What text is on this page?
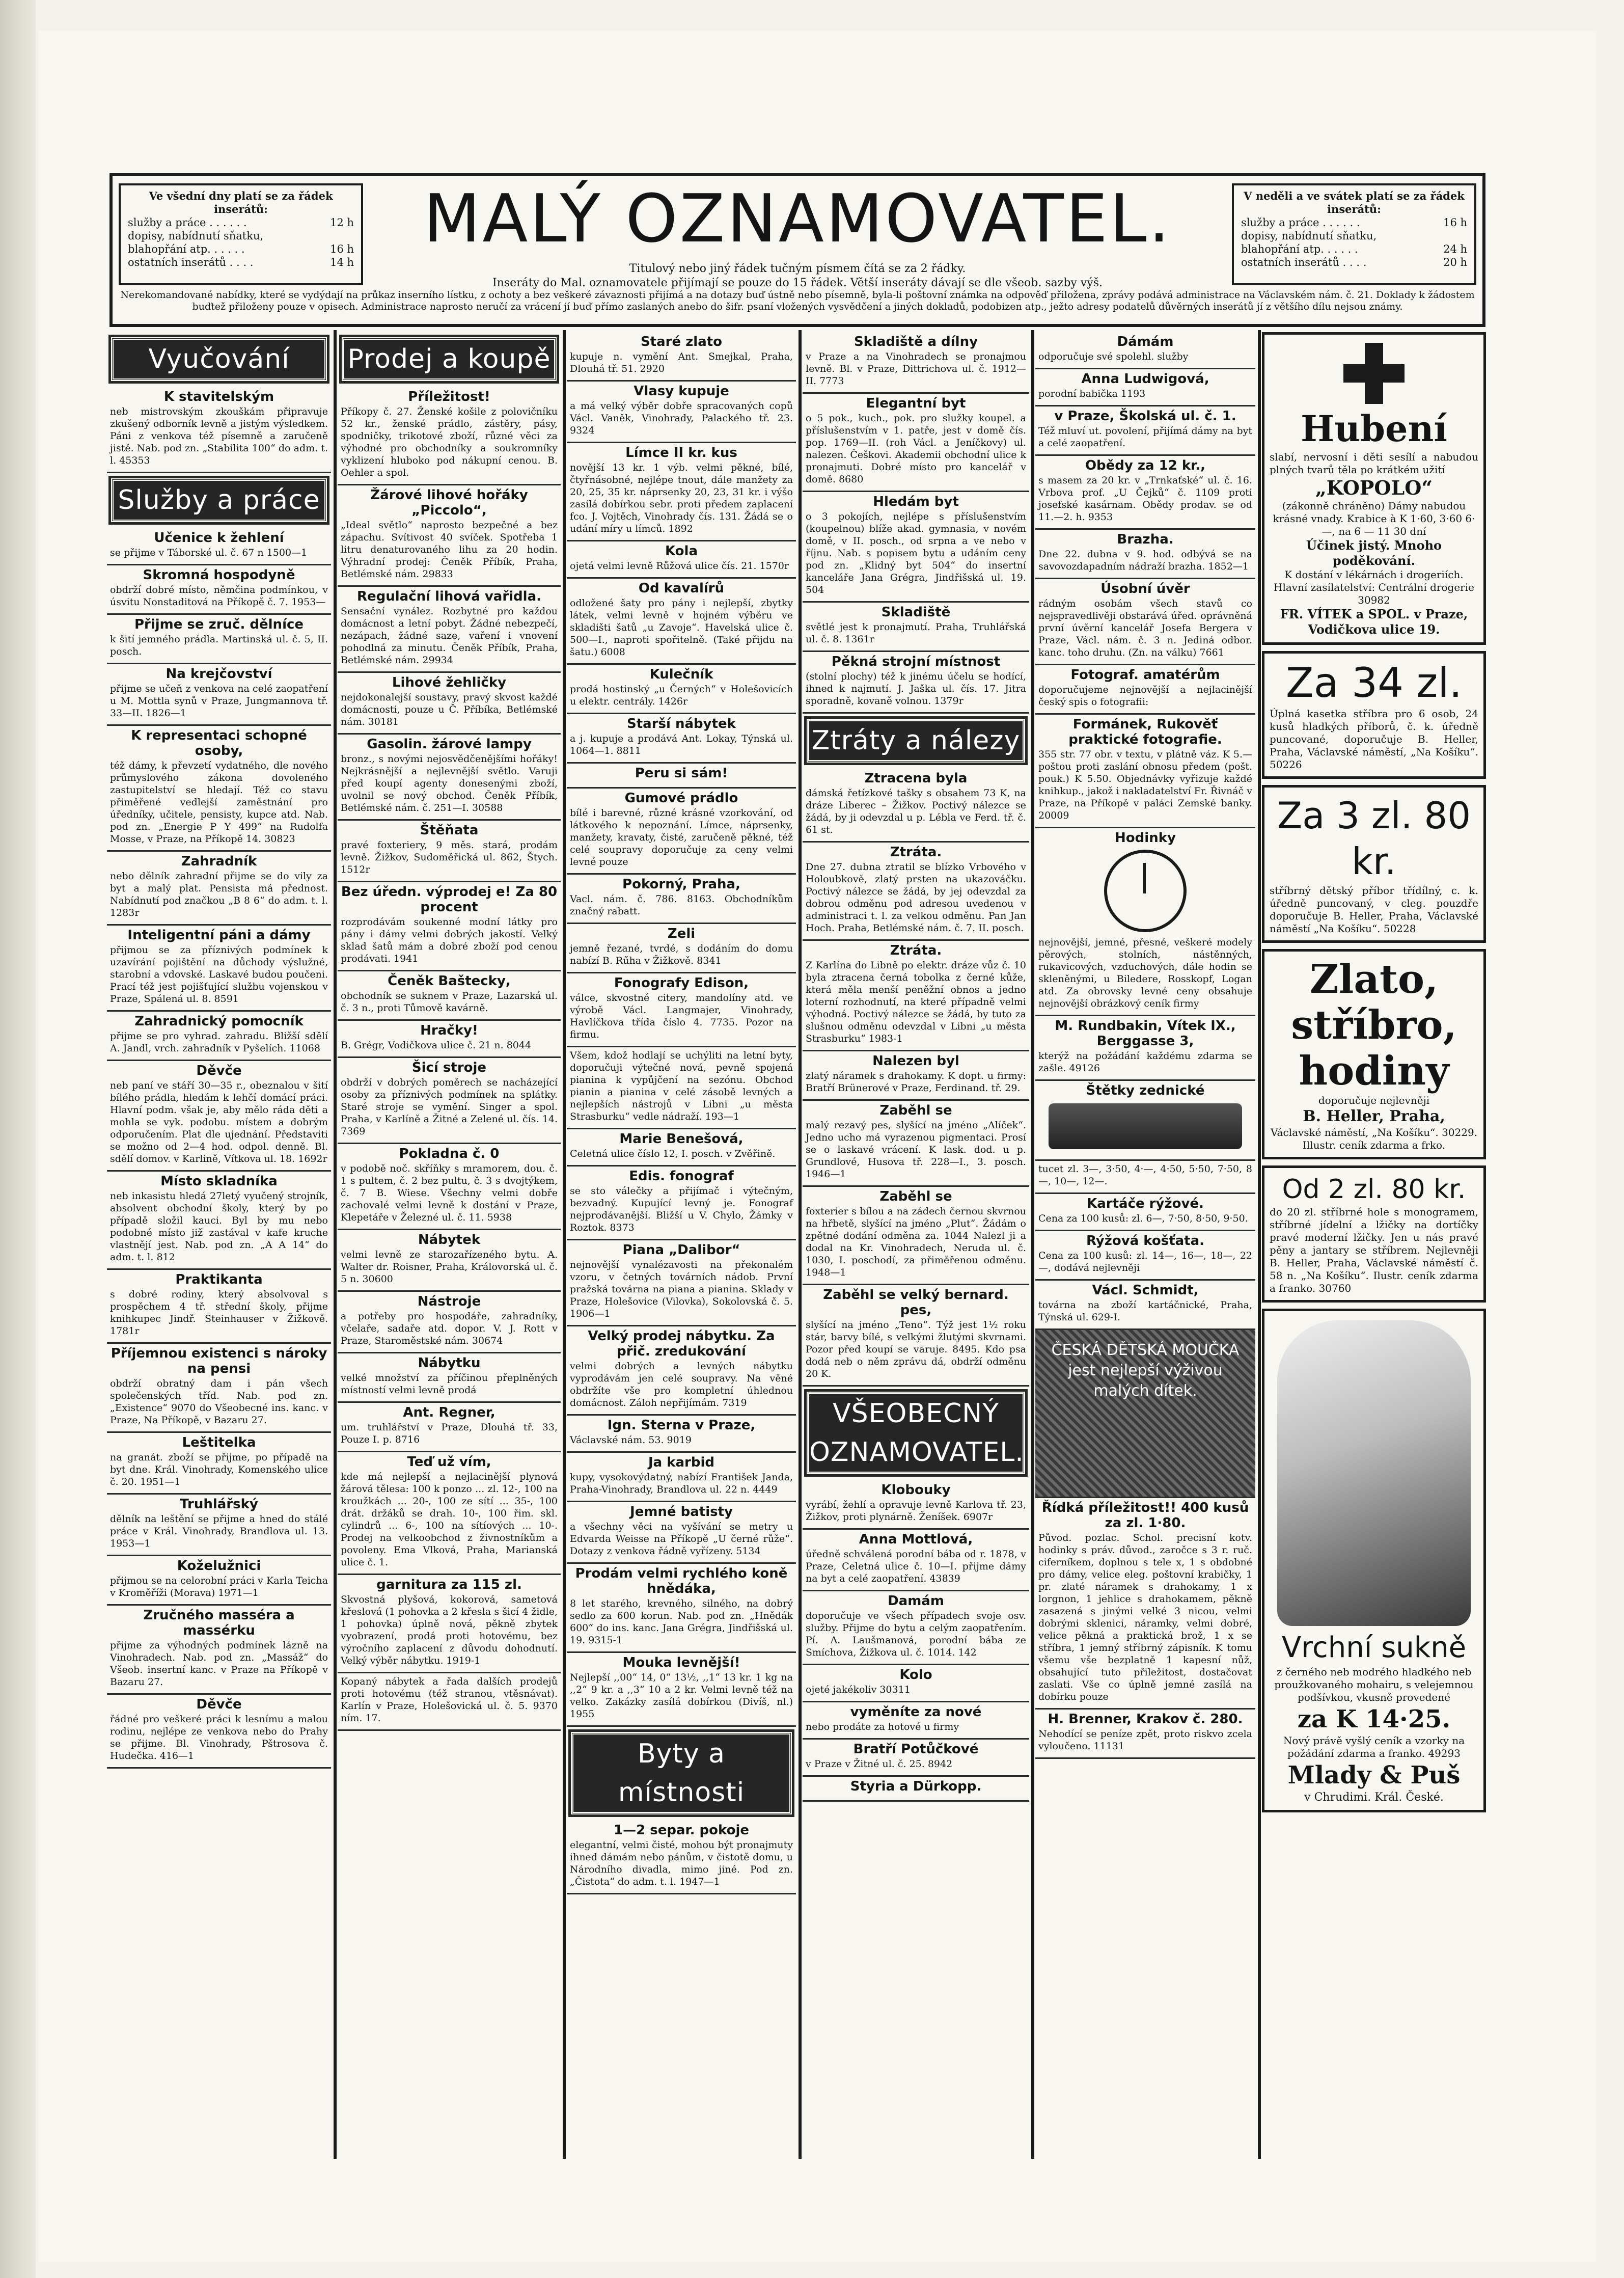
Ve všední dny platí se za řádek inserátů:
služby a práce . . . . . .	12 h
dopisy, nabídnutí sňatku,
blahopřání atp. . . . . .	16 h
ostatních inserátů . . . .	14 h
MALÝ OZNAMOVATEL.
Titulový nebo jiný řádek tučným písmem čítá se za 2 řádky.
Inseráty do Mal. oznamovatele přijímají se pouze do 15 řádek. Větší inseráty dávají se dle všeob. sazby výš.
V neděli a ve svátek platí se za řádek inserátů:
služby a práce . . . . . .	16 h
dopisy, nabídnutí sňatku,
blahopřání atp. . . . . .	24 h
ostatních inserátů . . . .	20 h
Nerekomandované nabídky, které se vydýdají na průkaz inserního lístku, z ochoty a bez veškeré závaznosti přijímá a na dotazy buď ústně nebo písemně, byla-li poštovní známka na odpověď přiložena, zprávy podává administrace na Václavském nám. č. 21. Doklady k žádostem buďtež přiloženy pouze v opisech. Administrace naprosto neručí za vrácení jí buď přímo zaslaných anebo do šifr. psaní vložených vysvědčení a jiných dokladů, podobizen atp., ježto adresy podatelů důvěrných inserátů jí z většího dílu nejsou známy.
Vyučování
K stavitelským

neb mistrovským zkouškám připravuje zkušený odborník levně a jistým výsledkem. Páni z venkova též písemně a zaručeně jistě. Nab. pod zn. „Stabilita 100“ do adm. t. l. 45353

Služby a práce
Učenice k žehlení

se přijme v Táborské ul. č. 67 n 1500—1

Skromná hospodyně

obdrží dobré místo, němčina podmínkou, v úsvitu Nonstaditová na Příkopě č. 7. 1953—

Přijme se zruč. dělníce

k šití jemného prádla. Martinská ul. č. 5, II. posch.

Na krejčovství

přijme se učeň z venkova na celé zaopatření u M. Mottla synů v Praze, Jungmannova tř. 33—II. 1826—1

K representaci schopné osoby,

též dámy, k převzetí vydatného, dle nového průmyslového zákona dovoleného zastupitelství se hledají. Též co stavu přiměřené vedlejší zaměstnání pro úředníky, učitele, pensisty, kupce atd. Nab. pod zn. „Energie P Y 499“ na Rudolfa Mosse, v Praze, na Příkopě 14. 30823

Zahradník

nebo dělník zahradní přijme se do vily za byt a malý plat. Pensista má přednost. Nabídnutí pod značkou „B 8 6“ do adm. t. l. 1283r

Inteligentní páni a dámy

přijmou se za příznivých podmínek k uzavírání pojištění na důchody výslužné, starobní a vdovské. Laskavé budou poučeni. Prací též jest pojišťující službu vojenskou v Praze, Spálená ul. 8. 8591

Zahradnický pomocník

přijme se pro vyhrad. zahradu. Bližší sdělí A. Jandl, vrch. zahradník v Pyšelích. 11068

Děvče

neb paní ve stáří 30—35 r., obeznalou v šití bílého prádla, hledám k lehčí domácí práci. Hlavní podm. však je, aby mělo ráda děti a mohla se vyk. podobu. místem a dobrým odporučením. Plat dle ujednání. Představiti se možno od 2—4 hod. odpol. denně. Bl. sdělí domov. v Karlině, Vítkova ul. 18. 1692r

Místo skladníka

neb inkasistu hledá 27letý vyučený strojník, absolvent obchodní školy, který by po případě složil kauci. Byl by mu nebo podobné místo již zastával v kafe kruche vlastnějí jest. Nab. pod zn. „A A 14“ do adm. t. l. 812

Praktikanta

s dobré rodiny, který absolvoval s prospěchem 4 tř. střední školy, přijme knihkupec Jindř. Steinhauser v Žižkově. 1781r

Příjemnou existenci s nároky na pensi

obdrží obratný dam i pán všech společenských tříd. Nab. pod zn. „Existence“ 9070 do Všeobecné ins. kanc. v Praze, Na Příkopě, v Bazaru 27.

Leštitelka

na granát. zboží se přijme, po případě na byt dne. Král. Vinohrady, Komenského ulice č. 20. 1951—1

Truhlářský

dělník na leštění se přijme a hned do stálé práce v Král. Vinohrady, Brandlova ul. 13. 1953—1

Koželužnici

přijmou se na celorobní práci v Karla Teicha v Kroměříži (Morava) 1971—1

Zručného masséra a massérku

přijme za výhodných podmínek lázně na Vinohradech. Nab. pod zn. „Massáž“ do Všeob. insertní kanc. v Praze na Příkopě v Bazaru 27.

Děvče

řádné pro veškeré práci k lesnímu a malou rodinu, nejlépe ze venkova nebo do Prahy se přijme. Bl. Vinohrady, Pštrosova č. Hudečka. 416—1

Prodej a koupě
Příležitost!

Příkopy č. 27. Ženské košile z polovičníku 52 kr., ženské prádlo, zástěry, pásy, spodničky, trikotové zboží, různé věci za výhodné pro obchodníky a soukromníky vyklizení hluboko pod nákupní cenou. B. Oehler a spol.

Žárové lihové hořáky „Piccolo“,

„Ideal světlo“ naprosto bezpečné a bez zápachu. Svítivost 40 svíček. Spotřeba 1 litru denaturovaného lihu za 20 hodin. Výhradní prodej: Čeněk Příbík, Praha, Betlémské nám. 29833

Regulační lihová vařidla.

Sensační vynález. Rozbytné pro každou domácnost a letní pobyt. Žádné nebezpečí, nezápach, žádné saze, vaření i vnovení pohodlná za minutu. Čeněk Příbík, Praha, Betlémské nám. 29934

Lihové žehličky

nejdokonalejší soustavy, pravý skvost každé domácnosti, pouze u Č. Příbíka, Betlémské nám. 30181

Gasolin. žárové lampy

bronz., s novými nejosvědčenějšími hořáky! Nejkrásnější a nejlevnější světlo. Varuji před koupí agenty donesenými zboží, uvolnil se nový obchod. Čeněk Příbík, Betlémské nám. č. 251—I. 30588

Štěňata

pravé foxteriery, 9 měs. stará, prodám levně. Žižkov, Sudoměřická ul. 862, Štych. 1512r

Bez úředn. výprodej e! Za 80 procent

rozprodávám soukenné modní látky pro pány i dámy velmi dobrých jakostí. Velký sklad šatů mám a dobré zboží pod cenou prodávati. 1941

Čeněk Bašteckу,

obchodník se suknem v Praze, Lazarská ul. č. 3 n., proti Tůmově kavárně.

Hračky!

B. Grégr, Vodičkova ulice č. 21 n. 8044

Šicí stroje

obdrží v dobrých poměrech se nacházející osoby za příznivých podmínek na splátky. Staré stroje se vymění. Singer a spol. Praha, v Karlíně a Žitné a Zelené ul. čís. 14. 7369

Pokladna č. 0

v podobě noč. skříňky s mramorem, dou. č. 1 s pultem, č. 2 bez pultu, č. 3 s dvojtýkem, č. 7 B. Wiese. Všechny velmi dobře zachovalé velmi levně k dostání v Praze, Klepetáře v Železné ul. č. 11. 5938

Nábytek

velmi levně ze starozařízeného bytu. A. Walter dr. Roisner, Praha, Královorská ul. č. 5 n. 30600

Nástroje

a potřeby pro hospodáře, zahradníky, včelaře, sadaře atd. dopor. V. J. Rott v Praze, Staroměstské nám. 30674

Nábytku

velké množství za příčinou přeplněných místností velmi levně prodá

Ant. Regner,

um. truhlářství v Praze, Dlouhá tř. 33, Pouze I. p. 8716

Teď už vím,

kde má nejlepší a nejlacinější plynová žárová tělesa: 100 k ponzo ... zl. 12-, 100 na kroužkách ... 20-, 100 ze sítí ... 35-, 100 drát. držáků se drah. 10-, 100 řim. skl. cylindrů ... 6-, 100 na sítíových ... 10-. Prodej na velkoobchod z živnostníkům a povoleny. Ema Vlková, Praha, Marianská ulice č. 1.

garnitura za 115 zl.

Skvostná plyšová, kokorová, sametová křeslová (1 pohovka a 2 křesla s šicí 4 židle, 1 pohovka) úplně nová, pěkně zbytek vyobrazení, prodá proti hotovému, bez výročního zaplacení z důvodu dohodnutí. Velký výběr nábytku. 1919-1

Kopaný nábytek a řada dalších prodejů proti hotovému (též stranou, vtěsnávat). Karlín v Praze, Holešovická ul. č. 5. 9370 ním. 17.

Staré zlato

kupuje n. vymění Ant. Smejkal, Praha, Dlouhá tř. 51. 2920

Vlasy kupuje

a má velký výběr dobře spracovaných copů Václ. Vaněk, Vinohrady, Palackého tř. 23. 9324

Límce II kr. kus

novější 13 kr. 1 výb. velmi pěkné, bílé, čtyřnásobné, nejlépe tnout, dále manžety za 20, 25, 35 kr. náprsenky 20, 23, 31 kr. i výšo zasílá dobírkou sebr. proti předem zaplacení fco. J. Vojtěch, Vinohrady čís. 131. Žádá se o udání míry u límců. 1892

Kola

ojetá velmi levně Růžová ulice čís. 21. 1570r

Od kavalírů

odložené šaty pro pány i nejlepší, zbytky látek, velmi levně v hojném výběru ve skladišti šatů „u Zavoje“. Havelská ulice č. 500—I., naproti spořitelně. (Také přijdu na šatu.) 6008

Kulečník

prodá hostinský „u Černých“ v Holešovicích u elektr. centrály. 1426r

Starší nábytek

a j. kupuje a prodává Ant. Lokay, Týnská ul. 1064—1. 8811

Peru si sám!
Gumové prádlo

bílé i barevné, různé krásné vzorkování, od látkového k nepoznání. Límce, náprsenky, manžety, kravaty, čisté, zaručeně pěkné, též celé soupravy doporučuje za ceny velmi levné pouze

Pokorný, Praha,

Vacl. nám. č. 786. 8163. Obchodníkům značný rabatt.

Zeli

jemně řezané, tvrdé, s dodáním do domu nabízí B. Rűha v Žižkově. 8341

Fonografy Edison,

válce, skvostné citery, mandolíny atd. ve výrobě Václ. Langmajer, Vinohrady, Havlíčkova třída číslo 4. 7735. Pozor na firmu.

Všem, kdož hodlají se uchýliti na letní byty, doporučuji výtečné nová, pevně spojená pianina k vypůjčení na sezónu. Obchod pianin a pianina v celé zásobě levných a nejlepších nástrojů v Libni „u města Strasburku“ vedle nádraží. 193—1

Marie Benešová,

Celetná ulice číslo 12, I. posch. v Zvěřině.

Edis. fonograf

se sto válečky a přijímač i výtečným, bezvadný. Kupující levný je. Fonograf nejprodávanější. Bližší u V. Chylo, Žámky v Roztok. 8373

Piana „Dalibor“

nejnovější vynalézavosti na překonalém vzoru, v četných továrních nádob. První pražská továrna na piana a pianina. Sklady v Praze, Holešovice (Vilovka), Sokolovská č. 5. 1906—1

Velký prodej nábytku. Za přič. zredukování

velmi dobrých a levných nábytku vyprodávám jen celé soupravy. Na věné obdržíte vše pro kompletní úhlednou domácnost. Záloh nepřijímám. 7319

Ign. Sterna v Praze,

Václavské nám. 53. 9019

Ja karbid

kupy, vysokovýdatný, nabízí František Janda, Praha-Vinohrady, Brandlova ul. 22 n. 4449

Jemné batisty

a všechny věci na vyšívání se metry u Edvarda Weisse na Příkopě „U černé růže“. Dotazy z venkova řádně vyřízeny. 5134

Prodám velmi rychlého koně hnědáka,

8 let starého, krevného, silného, na dobrý sedlo za 600 korun. Nab. pod zn. „Hnědák 600“ do ins. kanc. Jana Grégra, Jindřišská ul. 19. 9315-1

Mouka levnější!

Nejlepší ,,00“ 14, 0“ 13½, ,,1“ 13 kr. 1 kg na ,,2“ 9 kr. a ,,3“ 10 a 2 kr. Velmi levně též na velko. Zakázky zasílá dobírkou (Divíš, nl.) 1955

Byty a místnosti
1—2 separ. pokoje

elegantní, velmi čisté, mohou být pronajmuty ihned dámám nebo pánům, v čistotě domu, u Národního divadla, mimo jiné. Pod zn. „Čistota“ do adm. t. l. 1947—1

Skladiště a dílny

v Praze a na Vinohradech se pronajmou levně. Bl. v Praze, Dittrichova ul. č. 1912—II. 7773

Elegantní byt

o 5 pok., kuch., pok. pro služky koupel. a příslušenstvím v 1. patře, jest v domě čís. pop. 1769—II. (roh Václ. a Jeníčkovy) ul. nalezen. Češkovi. Akademii obchodní ulice k pronajmuti. Dobré místo pro kancelář v domě. 8680

Hledám byt

o 3 pokojích, nejlépe s příslušenstvím (koupelnou) blíže akad. gymnasia, v novém domě, v II. posch., od srpna a ve nebo v říjnu. Nab. s popisem bytu a udáním ceny pod zn. „Klidný byt 504“ do insertní kanceláře Jana Grégra, Jindřišská ul. 19. 504

Skladiště

světlé jest k pronajmutí. Praha, Truhlářská ul. č. 8. 1361r

Pěkná strojní místnost

(stolní plochy) též k jinému účelu se hodící, ihned k najmutí. J. Jaška ul. čís. 17. Jitra sporadně, kovaně volnou. 1379r

Ztráty a nálezy
Ztracena byla

dámská řetízkové tašky s obsahem 73 K, na dráze Liberec – Žižkov. Poctivý nálezce se žádá, by ji odevzdal u p. Lébla ve Ferd. tř. č. 61 st.

Ztráta.

Dne 27. dubna ztratil se blízko Vrbového v Holoubkově, zlatý prsten na ukazováčku. Poctivý nálezce se žádá, by jej odevzdal za dobrou odměnu pod adresou uvedenou v administraci t. l. za velkou odměnu. Pan Jan Hoch. Praha, Betlémské nám. č. 7. II. posch.

Ztráta.

Z Karlína do Libně po elektr. dráze vůz č. 10 byla ztracena černá tobolka z černé kůže, která měla menší peněžní obnos a jedno loterní rozhodnutí, na které případně velmi výhodná. Poctivý nálezce se žádá, by tuto za slušnou odměnu odevzdal v Libni „u města Strasburku“ 1983-1

Nalezen byl

zlatý náramek s drahokamy. K dopt. u firmy: Bratří Brünerové v Praze, Ferdinand. tř. 29.

Zaběhl se

malý rezavý pes, slyšící na jméno „Alíček“. Jedno ucho má vyrazenou pigmentaci. Prosí se o laskavé vrácení. K lask. dod. u p. Grundlové, Husova tř. 228—I., 3. posch. 1946—1

Zaběhl se

foxterier s bílou a na zádech černou skvrnou na hřbetě, slyšící na jméno „Plut“. Žádám o zpětné dodání odměna za. 1044 Nalezl ji a dodal na Kr. Vinohradech, Neruda ul. č. 1030, I. poschodí, za přiměřenou odměnu. 1948—1

Zaběhl se velký bernard. pes,

slyšící na jméno „Teno“. Týž jest 1½ roku stár, barvy bílé, s velkými žlutými skvrnami. Pozor před koupí se varuje. 8495. Kdo psa dodá neb o něm zprávu dá, obdrží odměnu 20 K.

VŠEOBECNÝ OZNAMOVATEL.
Klobouky

vyrábí, žehlí a opravuje levně Karlova tř. 23, Žižkov, proti plynárně. Ženíšek. 6907r

Anna Mottlová,

úředně schválená porodní bába od r. 1878, v Praze, Celetná ulice č. 10—I. přijme dámy na byt a celé zaopatření. 43839

Damám

doporučuje ve všech případech svoje osv. služby. Přijme do bytu a celým zaopatřením. Pí. A. Laušmanová, porodní bába ze Smíchova, Žižkova ul. č. 1014. 142

Kolo

ojeté jakékoliv 30311

vyměníte za nové

nebo prodáte za hotové u firmy

Bratří Potůčkové

v Praze v Žitné ul. č. 25. 8942

Styria a Dürkopp.
Dámám

odporučuje své spolehl. služby

Anna Ludwigová,

porodní babička 1193

v Praze, Školská ul. č. 1.

Též mluví ut. povolení, přijímá dámy na byt a celé zaopatření.

Obědy za 12 kr.,

s masem za 20 kr. v „Trnkaťské“ ul. č. 16. Vrbova prof. „U Čejků“ č. 1109 proti josefské kasárnam. Obědy prodav. se od 11.—2. h. 9353

Brazha.

Dne 22. dubna v 9. hod. odbývá se na savovozdapadním nádraží brazha. 1852—1

Úsobní úvěr

rádným osobám všech stavů co nejspravedlivěji obstarává úřed. oprávněná první úvěrní kancelář Josefa Bergera v Praze, Václ. nám. č. 3 n. Jediná odbor. kanc. toho druhu. (Zn. na válku) 7661

Fotograf. amatérům

doporučujeme nejnovější a nejlacinější český spis o fotografii:

Formánek, Rukověť praktické fotografie.

355 str. 77 obr. v textu, v plátně váz. K 5.— poštou proti zaslání obnosu předem (pošt. pouk.) K 5.50. Objednávky vyřizuje každé knihkup., jakož i nakladatelství Fr. Řivnáč v Praze, na Příkopě v paláci Zemské banky. 20009

Hodinky

nejnovější, jemné, přesné, veškeré modely pěrových, stolních, nástěnných, rukavicových, vzduchových, dále hodin se skleněnými, u Biledere, Rosskopf, Logan atd. Za obrovsky levné ceny obsahuje nejnovější obrázkový ceník firmy

M. Rundbakin, Vítek IX., Berggasse 3,

kterýž na požádání každému zdarma se zašle. 49126

Štětky zednické

tucet zl. 3—, 3·50, 4·—, 4·50, 5·50, 7·50, 8—, 10—, 12—.

Kartáče rýžové.

Cena za 100 kusů: zl. 6—, 7·50, 8·50, 9·50.

Rýžová košťata.

Cena za 100 kusů: zl. 14—, 16—, 18—, 22—, dodává nejlevněji

Václ. Schmidt,

továrna na zboží kartáčnické, Praha, Týnská ul. 629-I.

ČESKÁ DĚTSKÁ MOUČKA jest nejlepší výživou malých dítek.
Řídká příležitost!! 400 kusů za zl. 1·80.

Původ. pozlac. Schol. precisní kotv. hodinky s práv. důvod., zaročce s 3 r. ruč. ciferníkem, doplnou s tele x, 1 s obdobné pro dámy, velice eleg. poštovní krabičky, 1 pr. zlaté náramek s drahokamy, 1 x lorgnon, 1 jehlice s drahokamem, pěkně zasazená s jinými velké 3 nicou, velmi dobrými sklenici, náramky, velmi dobré, velice pěkná a praktická brož, 1 x se stříbra, 1 jemný stříbrný zápisník. K tomu všemu vše bezplatně 1 kapesní nůž, obsahující tuto přiležitost, dostačovat zaslati. Vše co úplně jemné zasílá na dobírku pouze

H. Brenner, Krakov č. 280.

Nehodící se peníze zpět, proto riskvo zcela vyloučeno. 11131

Hubení
slabí, nervosní i děti sesílí a nabudou plných tvarů těla po krátkém užití
„KOPOLO“
(zákonně chráněno) Dámy nabudou krásné vnady. Krabice à K 1·60, 3·60 6·—, na 6 — 11 30 dní
Účinek jistý. Mnoho poděkování.
K dostání v lékárnách i drogeriích. Hlavní zasílatelství: Centrální drogerie 30982
FR. VÍTEK a SPOL. v Praze, Vodičkova ulice 19.
Za 34 zl.
Úplná kasetka stříbra pro 6 osob, 24 kusů hladkých příborů, č. k. úředně puncované, doporučuje B. Heller, Praha, Václavské náměstí, „Na Košíku“. 50226
Za 3 zl. 80 kr.
stříbrný dětský příbor třídílný, c. k. úředně puncovaný, v cleg. pouzdře doporučuje B. Heller, Praha, Václavské náměstí „Na Košíku“. 50228
Zlato, stříbro, hodiny
doporučuje nejlevněji
B. Heller, Praha,
Václavské náměstí, „Na Košíku“. 30229. Illustr. ceník zdarma a frko.
Od 2 zl. 80 kr.
do 20 zl. stříbrné hole s monogramem, stříbrné jídelní a lžičky na dortíčky pravé moderní lžičky. Jen u nás pravé pěny a jantary se stříbrem. Nejlevněji B. Heller, Praha, Václavské náměstí č. 58 n. „Na Košíku“. Ilustr. ceník zdarma a franko. 30760
Vrchní sukně
z černého neb modrého hladkého neb proužkovaného mohairu, s velejemnou podšívkou, vkusně provedené
za K 14·25.
Nový právě vyšlý ceník a vzorky na požádání zdarma a franko. 49293
Mlady & Puš
v Chrudimi. Král. České.
